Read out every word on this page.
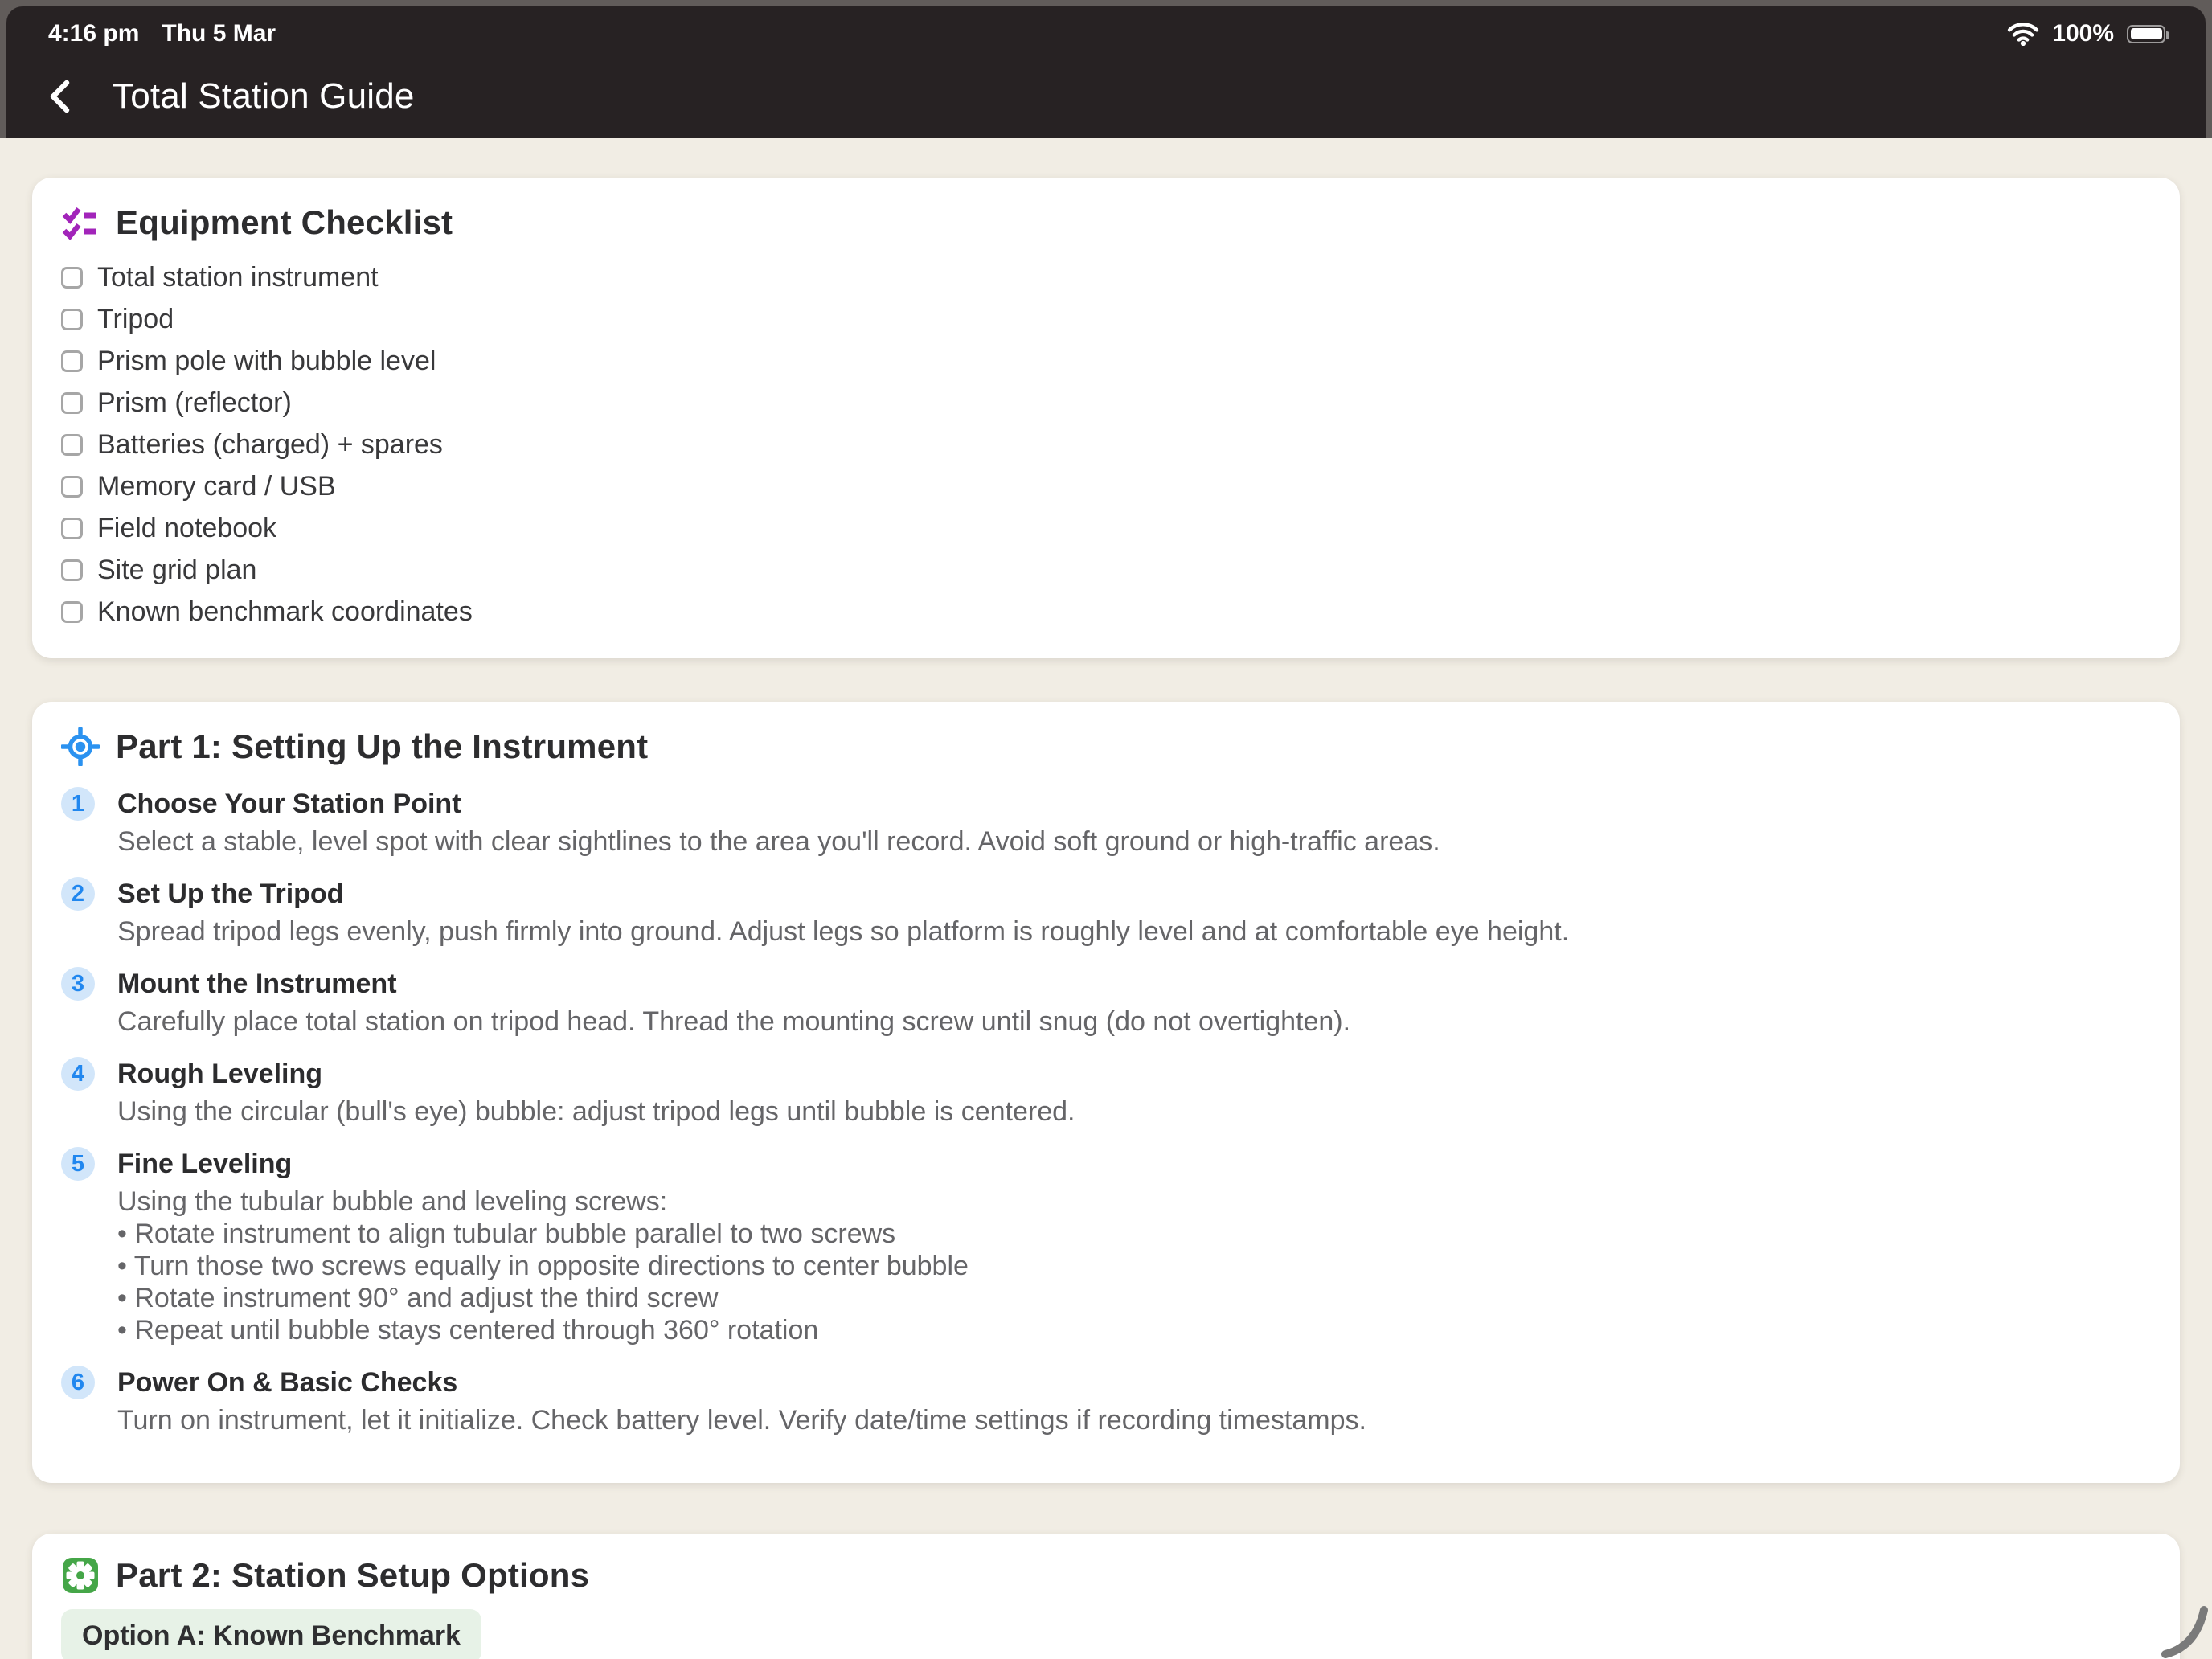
4:16 pm Thu 5 Mar	100%
Total Station Guide
Equipment Checklist
Total station instrument
Tripod
Prism pole with bubble level
Prism (reflector)
Batteries (charged) + spares
Memory card / USB
Field notebook
Site grid plan
Known benchmark coordinates
Part 1: Setting Up the Instrument
1	Choose Your Station Point

Select a stable, level spot with clear sightlines to the area you'll record. Avoid soft ground or high-traffic areas.

2	Set Up the Tripod

Spread tripod legs evenly, push firmly into ground. Adjust legs so platform is roughly level and at comfortable eye height.

3	Mount the Instrument

Carefully place total station on tripod head. Thread the mounting screw until snug (do not overtighten).

4	Rough Leveling

Using the circular (bull's eye) bubble: adjust tripod legs until bubble is centered.

5	Fine Leveling

Using the tubular bubble and leveling screws:

• Rotate instrument to align tubular bubble parallel to two screws

• Turn those two screws equally in opposite directions to center bubble

• Rotate instrument 90° and adjust the third screw

• Repeat until bubble stays centered through 360° rotation

6	Power On & Basic Checks

Turn on instrument, let it initialize. Check battery level. Verify date/time settings if recording timestamps.

Part 2: Station Setup Options
Option A: Known Benchmark
